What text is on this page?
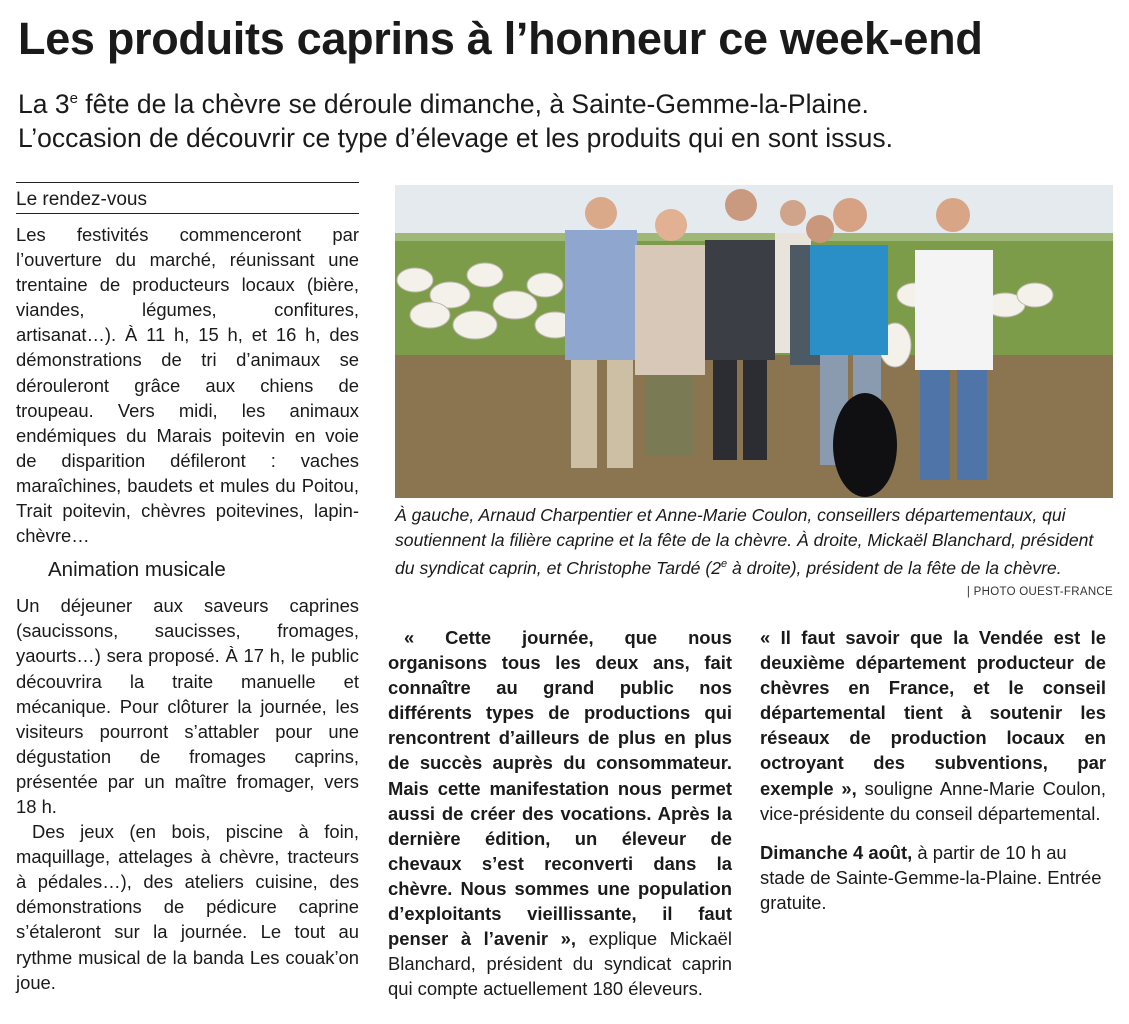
Les produits caprins à l’honneur ce week-end

La 3e fête de la chèvre se déroule dimanche, à Sainte-Gemme-la-Plaine.

L’occasion de découvrir ce type d’élevage et les produits qui en sont issus.

Le rendez-vous

Les festivités commenceront par l’ouverture du marché, réunissant une trentaine de producteurs locaux (bière, viandes, légumes, confitures, artisanat…). À 11 h, 15 h, et 16 h, des démonstrations de tri d’animaux se dérouleront grâce aux chiens de troupeau. Vers midi, les animaux endémiques du Marais poitevin en voie de disparition défileront : vaches maraîchines, baudets et mules du Poitou, Trait poitevin, chèvres poitevines, lapin-chèvre…

Animation musicale

Un déjeuner aux saveurs caprines (saucissons, saucisses, fromages, yaourts…) sera proposé. À 17 h, le public découvrira la traite manuelle et mécanique. Pour clôturer la journée, les visiteurs pourront s’attabler pour une dégustation de fromages caprins, présentée par un maître fromager, vers 18 h.

Des jeux (en bois, piscine à foin, maquillage, attelages à chèvre, tracteurs à pédales…), des ateliers cuisine, des démonstrations de pédicure caprine s’étaleront sur la journée. Le tout au rythme musical de la banda Les couak’on joue.

À gauche, Arnaud Charpentier et Anne-Marie Coulon, conseillers départementaux, qui soutiennent la filière caprine et la fête de la chèvre. À droite, Mickaël Blanchard, président du syndicat caprin, et Christophe Tardé (2e à droite), président de la fête de la chèvre.

| PHOTO OUEST-FRANCE

« Cette journée, que nous organisons tous les deux ans, fait connaître au grand public nos différents types de productions qui rencontrent d’ailleurs de plus en plus de succès auprès du consommateur. Mais cette manifestation nous permet aussi de créer des vocations. Après la dernière édition, un éleveur de chevaux s’est reconverti dans la chèvre. Nous sommes une population d’exploitants vieillissante, il faut penser à l’avenir », explique Mickaël Blanchard, président du syndicat caprin qui compte actuellement 180 éleveurs.

« Il faut savoir que la Vendée est le deuxième département producteur de chèvres en France, et le conseil départemental tient à soutenir les réseaux de production locaux en octroyant des subventions, par exemple », souligne Anne-Marie Coulon, vice-présidente du conseil départemental.

Dimanche 4 août, à partir de 10 h au stade de Sainte-Gemme-la-Plaine. Entrée gratuite.
